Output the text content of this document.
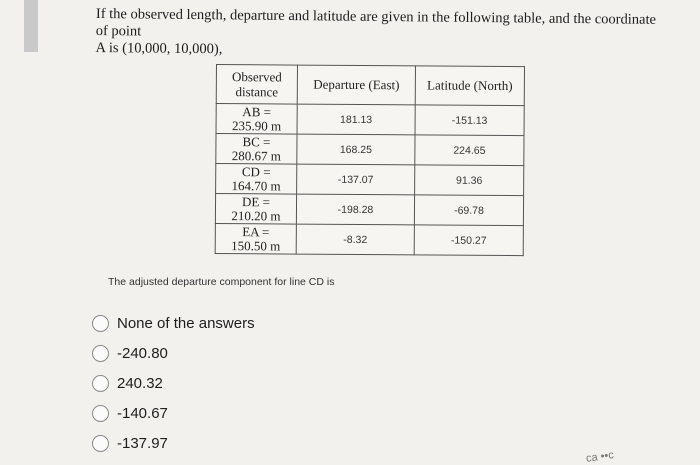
If the observed length, departure and latitude are given in the following table, and the coordinate of point

A is (10,000, 10,000),

Observed distance	Departure (East)	Latitude (North)
AB =
235.90 m	181.13	-151.13
BC =
280.67 m	168.25	224.65
CD =
164.70 m	-137.07	91.36
DE =
210.20 m	-198.28	-69.78
EA =
150.50 m	-8.32	-150.27
The adjusted departure component for line CD is
None of the answers
-240.80
240.32
-140.67
-137.97
ca ••c
